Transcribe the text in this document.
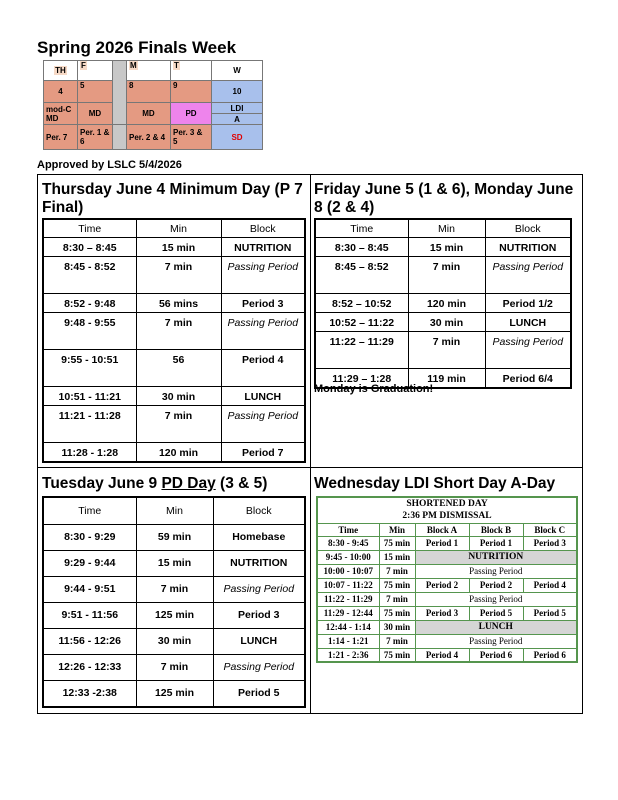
Spring 2026 Finals Week
TH	F		M	T	W
4	5		8	9	10
mod-C MD	MD		MD	PD	LDI
					A
Per. 7	Per. 1 & 6		Per. 2 & 4	Per. 3 & 5	SD
Approved by LSLC 5/4/2026
Thursday June 4 Minimum Day (P 7 Final)
Time	Min	Block
8:30 – 8:45	15 min	NUTRITION
8:45 - 8:52	7 min	Passing Period
8:52 - 9:48	56 mins	Period 3
9:48 - 9:55	7 min	Passing Period
9:55 - 10:51	56	Period 4
10:51 - 11:21	30 min	LUNCH
11:21 - 11:28	7 min	Passing Period
11:28 - 1:28	120 min	Period 7
Friday June 5 (1 & 6), Monday June 8 (2 & 4)
Time	Min	Block
8:30 – 8:45	15 min	NUTRITION
8:45 – 8:52	7 min	Passing Period
8:52 – 10:52	120 min	Period 1/2
10:52 – 11:22	30 min	LUNCH
11:22 – 11:29	7 min	Passing Period
11:29 – 1:28	119 min	Period 6/4
Monday is Graduation!
Tuesday June 9 PD Day (3 & 5)
Time	Min	Block
8:30 - 9:29	59 min	Homebase
9:29 - 9:44	15 min	NUTRITION
9:44 - 9:51	7 min	Passing Period
9:51 - 11:56	125 min	Period 3
11:56 - 12:26	30 min	LUNCH
12:26 - 12:33	7 min	Passing Period
12:33 -2:38	125 min	Period 5
Wednesday LDI Short Day A-Day
SHORTENED DAY				
2:36 PM DISMISSAL				
Time	Min	Block A	Block B	Block C
8:30 - 9:45	75 min	Period 1	Period 1	Period 3
9:45 - 10:00	15 min	NUTRITION		
10:00 - 10:07	7 min	Passing Period		
10:07 - 11:22	75 min	Period 2	Period 2	Period 4
11:22 - 11:29	7 min	Passing Period		
11:29 - 12:44	75 min	Period 3	Period 5	Period 5
12:44 - 1:14	30 min	LUNCH		
1:14 - 1:21	7 min	Passing Period		
1:21 - 2:36	75 min	Period 4	Period 6	Period 6
